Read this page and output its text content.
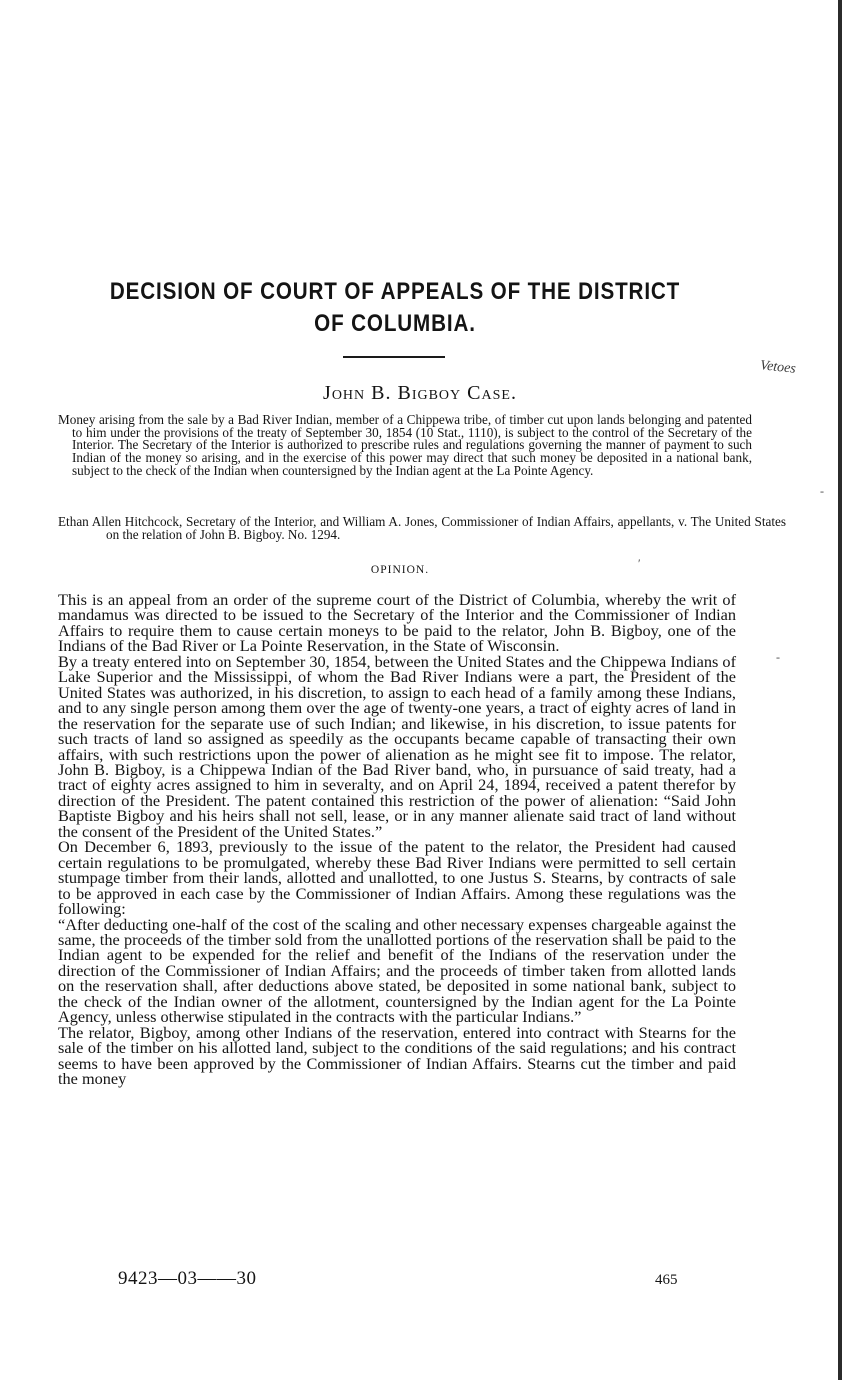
DECISION OF COURT OF APPEALS OF THE DISTRICT OF COLUMBIA.
Vetoes
John B. Bigboy Case.
Money arising from the sale by a Bad River Indian, member of a Chippewa tribe, of timber cut upon lands belonging and patented to him under the provisions of the treaty of September 30, 1854 (10 Stat., 1110), is subject to the control of the Secretary of the Interior. The Secretary of the Interior is authorized to prescribe rules and regulations governing the manner of payment to such Indian of the money so arising, and in the exercise of this power may direct that such money be deposited in a national bank, subject to the check of the Indian when countersigned by the Indian agent at the La Pointe Agency.
Ethan Allen Hitchcock, Secretary of the Interior, and William A. Jones, Commissioner of Indian Affairs, appellants, v. The United States on the relation of John B. Bigboy. No. 1294.
OPINION.

This is an appeal from an order of the supreme court of the District of Columbia, whereby the writ of mandamus was directed to be issued to the Secretary of the Interior and the Commissioner of Indian Affairs to require them to cause certain moneys to be paid to the relator, John B. Bigboy, one of the Indians of the Bad River or La Pointe Reservation, in the State of Wisconsin.

By a treaty entered into on September 30, 1854, between the United States and the Chippewa Indians of Lake Superior and the Mississippi, of whom the Bad River Indians were a part, the President of the United States was authorized, in his discretion, to assign to each head of a family among these Indians, and to any single person among them over the age of twenty-one years, a tract of eighty acres of land in the reservation for the separate use of such Indian; and likewise, in his discretion, to issue patents for such tracts of land so assigned as speedily as the occupants became capable of transacting their own affairs, with such restrictions upon the power of alienation as he might see fit to impose. The relator, John B. Bigboy, is a Chippewa Indian of the Bad River band, who, in pursuance of said treaty, had a tract of eighty acres assigned to him in severalty, and on April 24, 1894, received a patent therefor by direction of the President. The patent contained this restriction of the power of alienation: “Said John Baptiste Bigboy and his heirs shall not sell, lease, or in any manner alienate said tract of land without the consent of the President of the United States.”

On December 6, 1893, previously to the issue of the patent to the relator, the President had caused certain regulations to be promulgated, whereby these Bad River Indians were permitted to sell certain stumpage timber from their lands, allotted and unallotted, to one Justus S. Stearns, by contracts of sale to be approved in each case by the Commissioner of Indian Affairs. Among these regulations was the following:

“After deducting one-half of the cost of the scaling and other necessary expenses chargeable against the same, the proceeds of the timber sold from the unallotted portions of the reservation shall be paid to the Indian agent to be expended for the relief and benefit of the Indians of the reservation under the direction of the Commissioner of Indian Affairs; and the proceeds of timber taken from allotted lands on the reservation shall, after deductions above stated, be deposited in some national bank, subject to the check of the Indian owner of the allotment, countersigned by the Indian agent for the La Pointe Agency, unless otherwise stipulated in the contracts with the particular Indians.”

The relator, Bigboy, among other Indians of the reservation, entered into contract with Stearns for the sale of the timber on his allotted land, subject to the conditions of the said regulations; and his contract seems to have been approved by the Commissioner of Indian Affairs. Stearns cut the timber and paid the money

9423—03——30	465
′
-
-
